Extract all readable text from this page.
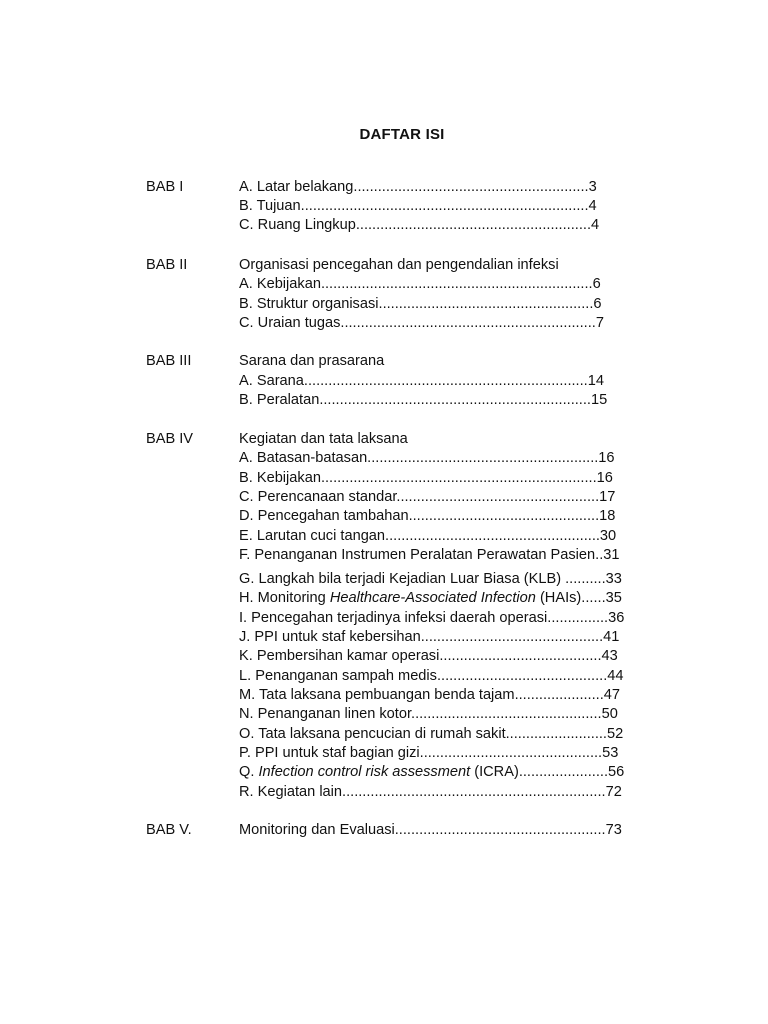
DAFTAR ISI
BAB I	A. Latar belakang..........................................................3
B. Tujuan.......................................................................4
C. Ruang Lingkup..........................................................4
BAB II	Organisasi pencegahan dan pengendalian infeksi
A. Kebijakan...................................................................6
B. Struktur organisasi.....................................................6
C. Uraian tugas...............................................................7
BAB III	Sarana dan prasarana
A. Sarana......................................................................14
B. Peralatan...................................................................15
BAB IV	Kegiatan dan tata laksana
A. Batasan-batasan.........................................................16
B. Kebijakan....................................................................16
C. Perencanaan standar..................................................17
D. Pencegahan tambahan...............................................18
E. Larutan cuci tangan.....................................................30
F. Penanganan Instrumen Peralatan Perawatan Pasien..31
G. Langkah bila terjadi Kejadian Luar Biasa (KLB) ..........33
H. Monitoring Healthcare-Associated Infection (HAIs)......35
I. Pencegahan terjadinya infeksi daerah operasi...............36
J. PPI untuk staf kebersihan.............................................41
K. Pembersihan kamar operasi........................................43
L. Penanganan sampah medis..........................................44
M. Tata laksana pembuangan benda tajam......................47
N. Penanganan linen kotor...............................................50
O. Tata laksana pencucian di rumah sakit.........................52
P. PPI untuk staf bagian gizi.............................................53
Q. Infection control risk assessment (ICRA)......................56
R. Kegiatan lain.................................................................72
BAB V.	Monitoring dan Evaluasi....................................................73
